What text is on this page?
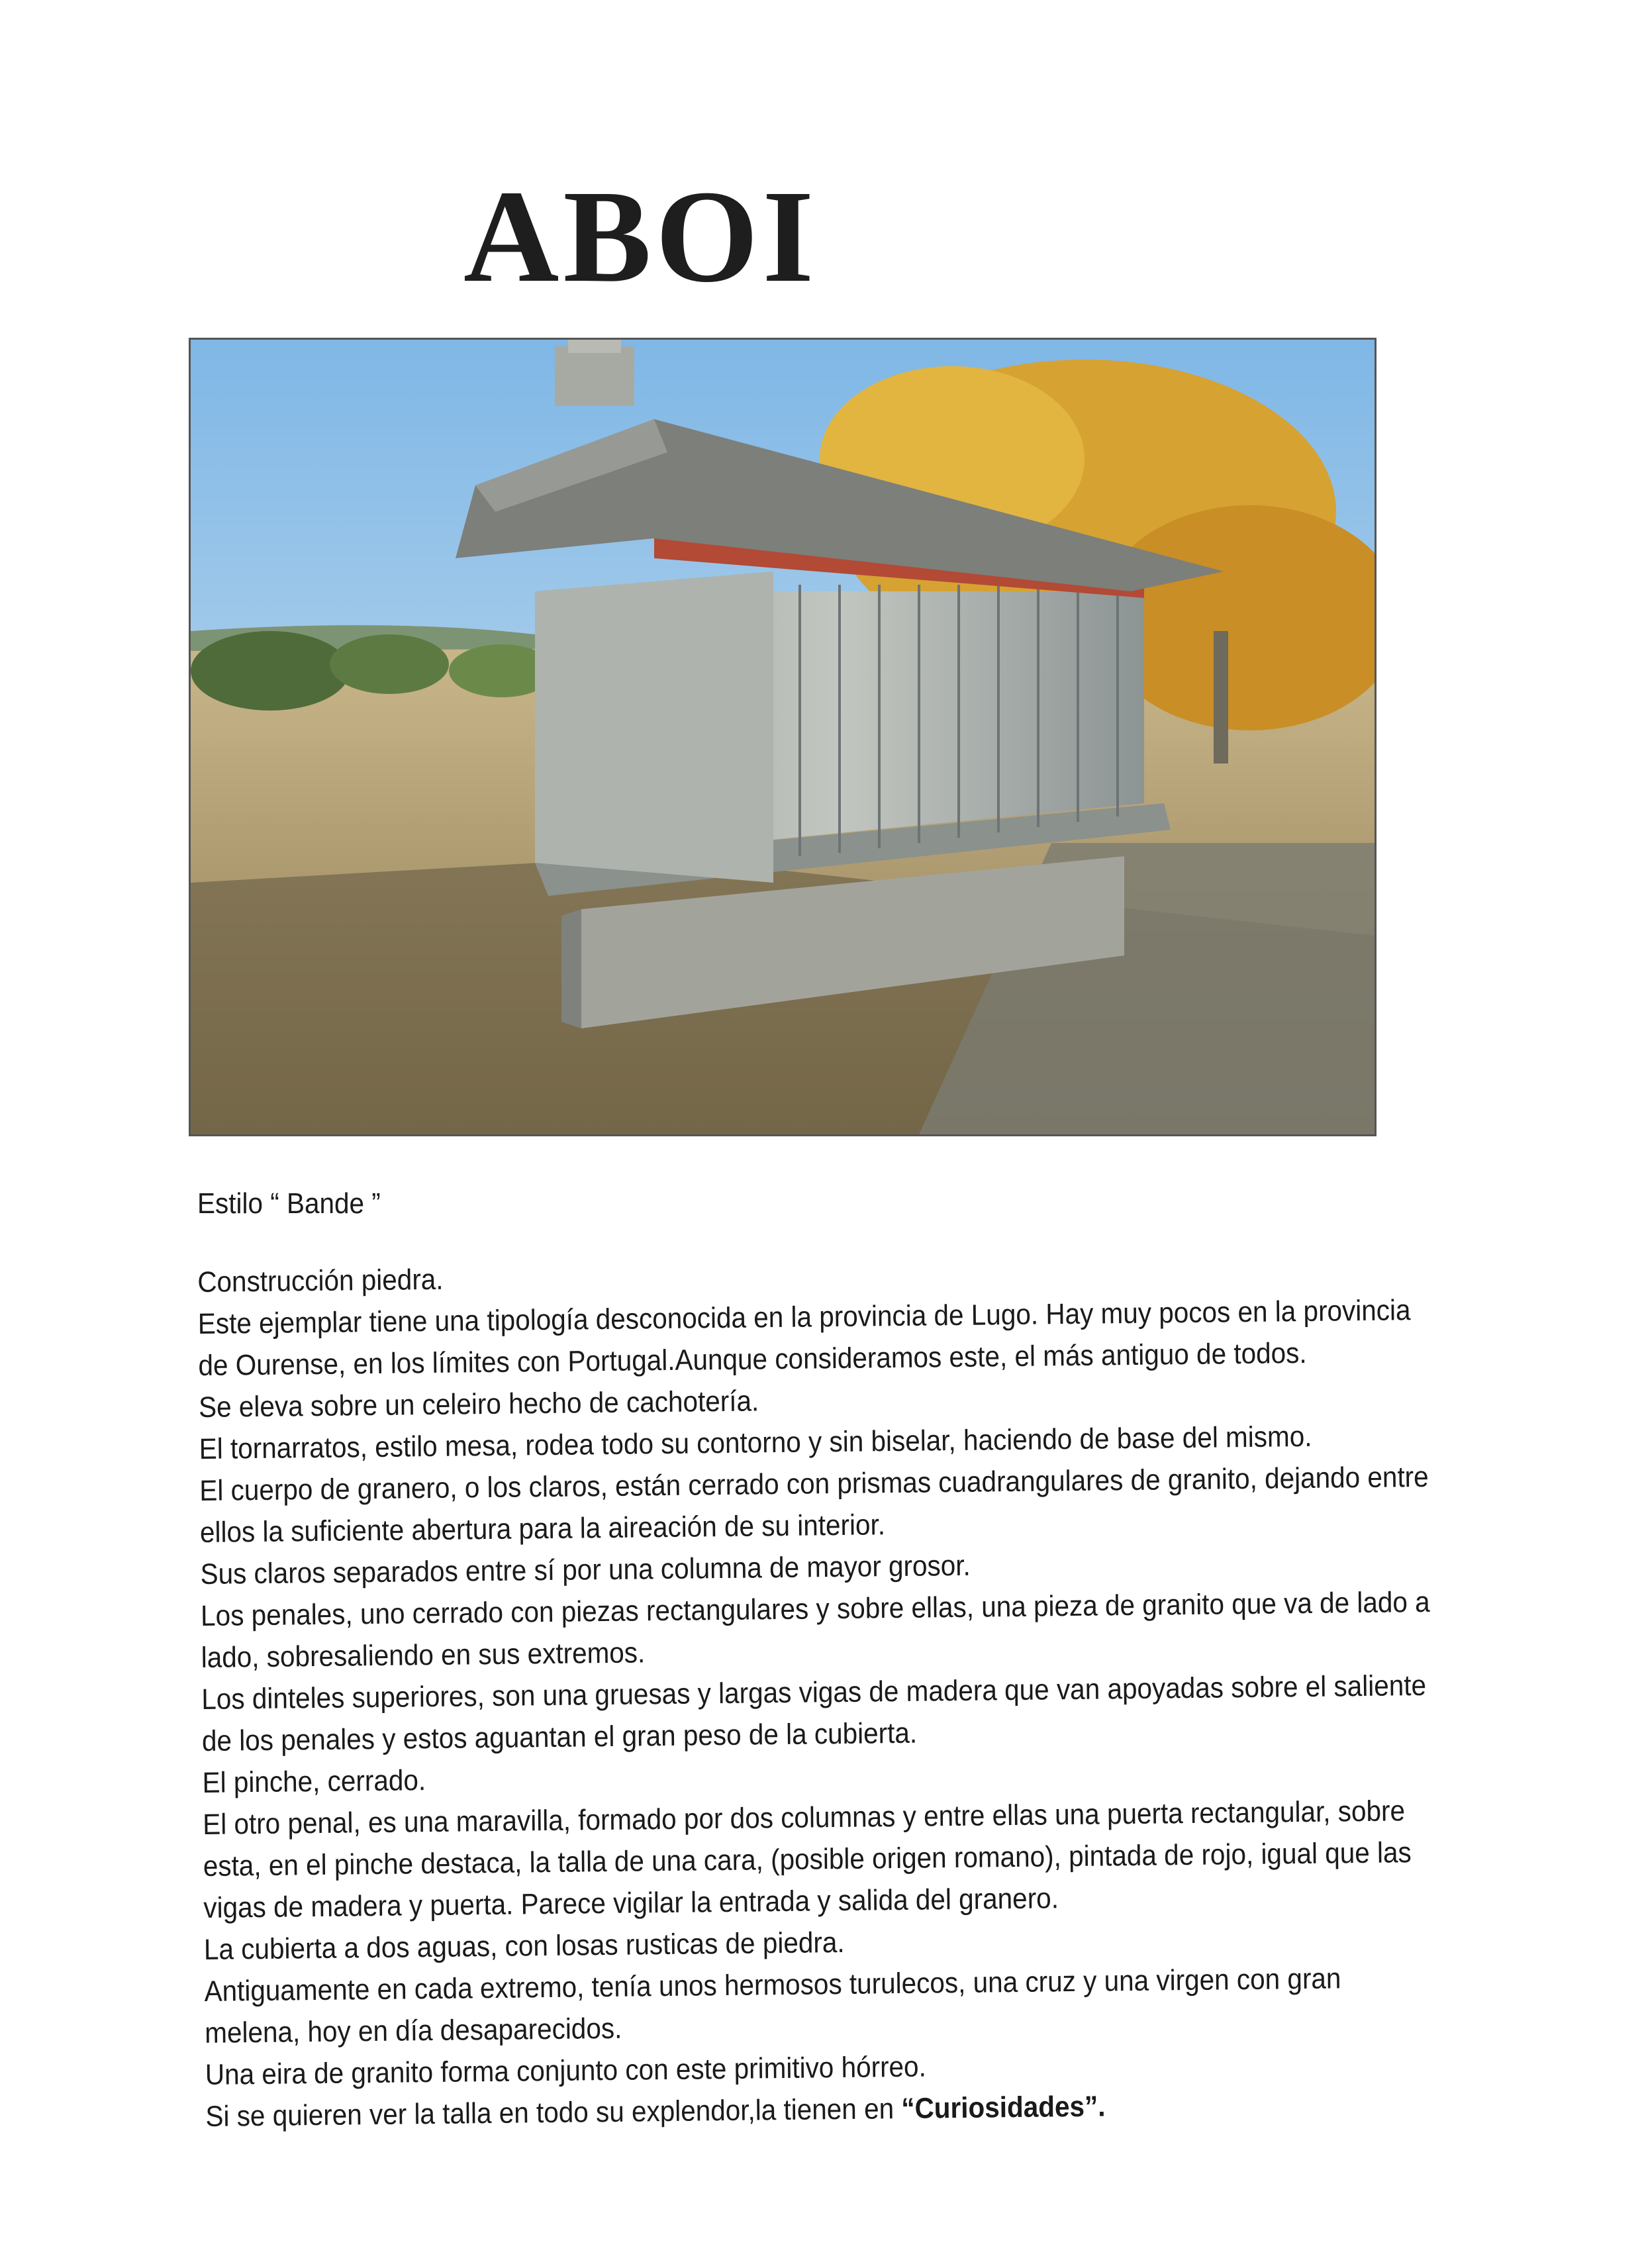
ABOI

Estilo “ Bande ”

Construcción piedra.

Este ejemplar tiene una tipología desconocida en la provincia de Lugo. Hay muy pocos en la provincia

de Ourense, en los límites con Portugal.Aunque consideramos este, el más antiguo de todos.

Se eleva sobre un celeiro hecho de cachotería.

El tornarratos, estilo mesa, rodea todo su contorno y sin biselar, haciendo de base del mismo.

El cuerpo de granero, o los claros, están cerrado con prismas cuadrangulares de granito, dejando entre

ellos la suficiente abertura para la aireación de su interior.

Sus claros separados entre sí por una columna de mayor grosor.

Los penales, uno cerrado con piezas rectangulares y sobre ellas, una pieza de granito que va de lado a

lado, sobresaliendo en sus extremos.

Los dinteles superiores, son una gruesas y largas vigas de madera que van apoyadas sobre el saliente

de los penales y estos aguantan el gran peso de la cubierta.

El pinche, cerrado.

El otro penal, es una maravilla, formado por dos columnas y entre ellas una puerta rectangular, sobre

esta, en el pinche destaca, la talla de una cara, (posible origen romano), pintada de rojo, igual que las

vigas de madera y puerta. Parece vigilar la entrada y salida del granero.

La cubierta a dos aguas, con losas rusticas de piedra.

Antiguamente en cada extremo, tenía unos hermosos turulecos, una cruz y una virgen con gran

melena, hoy en día desaparecidos.

Una eira de granito forma conjunto con este primitivo hórreo.

Si se quieren ver la talla en todo su explendor,la tienen en “Curiosidades”.
